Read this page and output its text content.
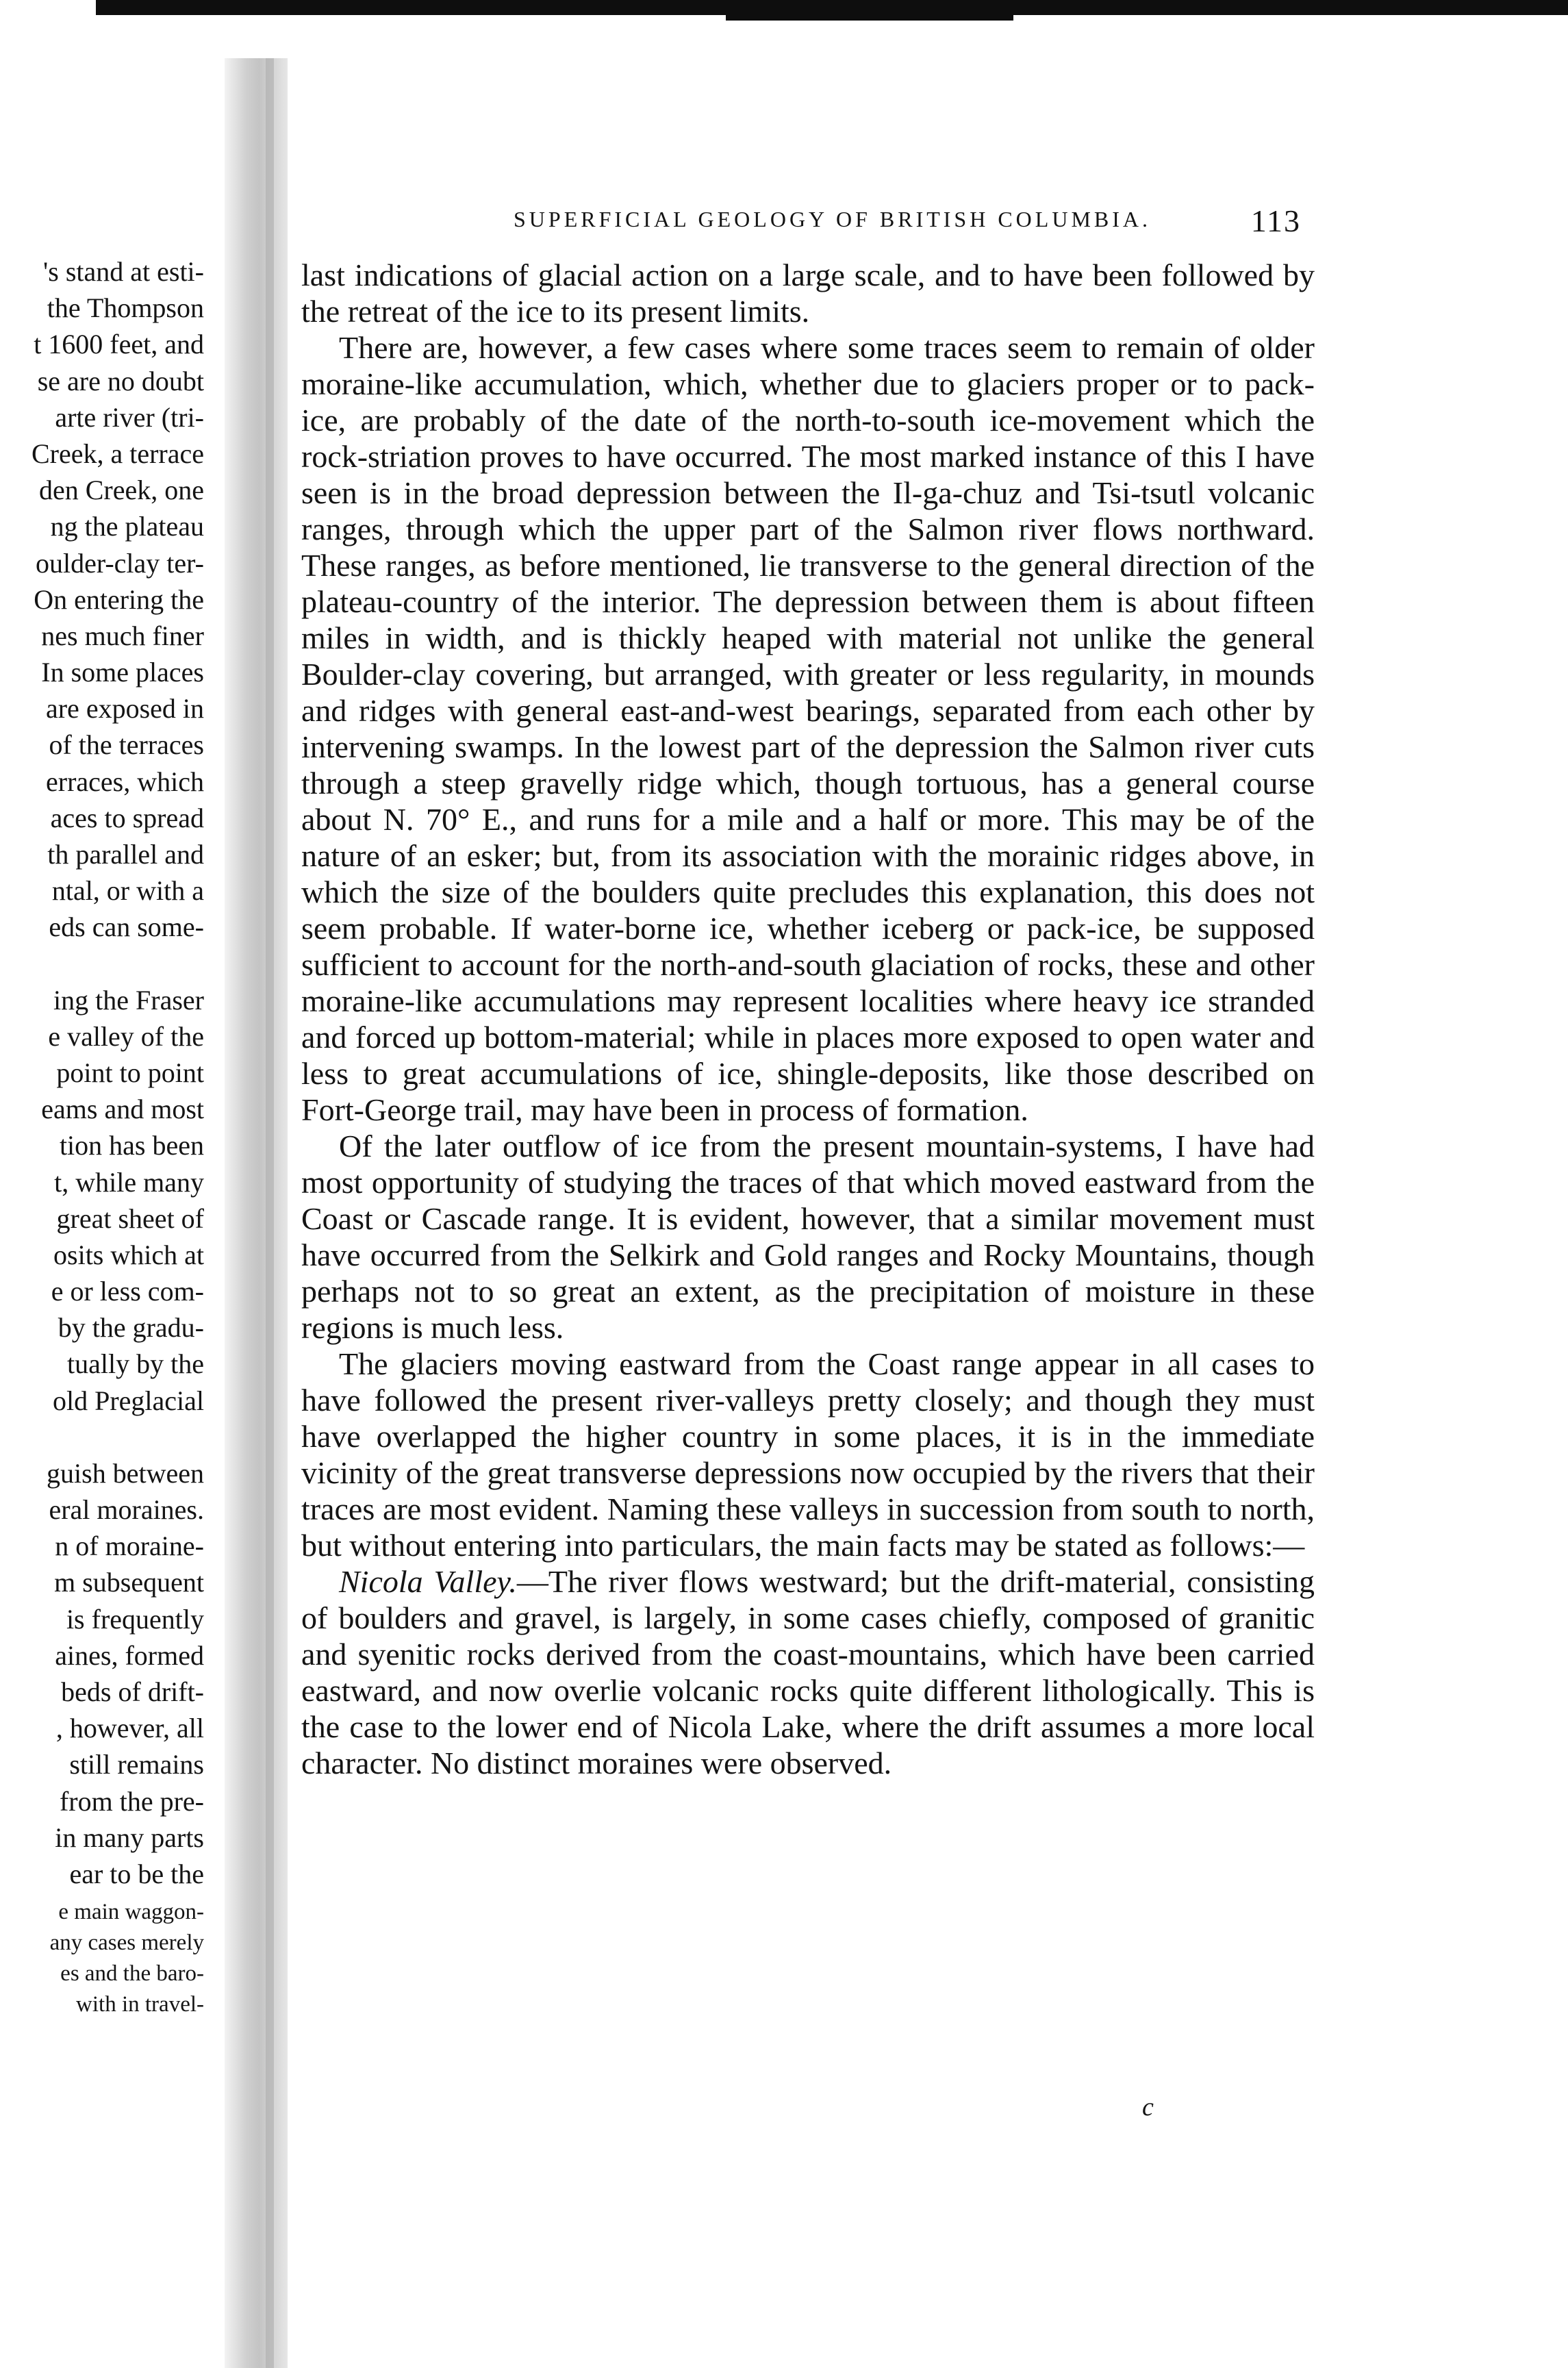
's stand at esti-
the Thompson
t 1600 feet, and
se are no doubt
arte river (tri-
Creek, a terrace
den Creek, one
ng the plateau
oulder-clay ter-
On entering the
nes much finer
In some places
are exposed in
of the terraces
erraces, which
aces to spread
th parallel and
ntal, or with a
eds can some-
ing the Fraser
e valley of the
point to point
eams and most
tion has been
t, while many
great sheet of
osits which at
e or less com-
by the gradu-
tually by the
old Preglacial
guish between
eral moraines.
n of moraine-
m subsequent
is frequently
aines, formed
beds of drift-
, however, all
still remains
from the pre-
in many parts
ear to be the
e main waggon-
any cases merely
es and the baro-
with in travel-
SUPERFICIAL GEOLOGY OF BRITISH COLUMBIA.	113

last indications of glacial action on a large scale, and to have been followed by the retreat of the ice to its present limits.

There are, however, a few cases where some traces seem to remain of older moraine-like accumulation, which, whether due to glaciers proper or to pack-ice, are probably of the date of the north-to-south ice-movement which the rock-striation proves to have occurred. The most marked instance of this I have seen is in the broad depression between the Il-ga-chuz and Tsi-tsutl volcanic ranges, through which the upper part of the Salmon river flows northward. These ranges, as before mentioned, lie transverse to the general direction of the plateau-country of the interior. The depression between them is about fifteen miles in width, and is thickly heaped with material not unlike the general Boulder-clay covering, but arranged, with greater or less regularity, in mounds and ridges with general east-and-west bearings, separated from each other by intervening swamps. In the lowest part of the depression the Salmon river cuts through a steep gravelly ridge which, though tortuous, has a general course about N. 70° E., and runs for a mile and a half or more. This may be of the nature of an esker; but, from its association with the morainic ridges above, in which the size of the boulders quite precludes this explanation, this does not seem probable. If water-borne ice, whether iceberg or pack-ice, be supposed sufficient to account for the north-and-south glaciation of rocks, these and other moraine-like accumulations may represent localities where heavy ice stranded and forced up bottom-material; while in places more exposed to open water and less to great accumulations of ice, shingle-deposits, like those described on Fort-George trail, may have been in process of formation.

Of the later outflow of ice from the present mountain-systems, I have had most opportunity of studying the traces of that which moved eastward from the Coast or Cascade range. It is evident, however, that a similar movement must have occurred from the Selkirk and Gold ranges and Rocky Mountains, though perhaps not to so great an extent, as the precipitation of moisture in these regions is much less.

The glaciers moving eastward from the Coast range appear in all cases to have followed the present river-valleys pretty closely; and though they must have overlapped the higher country in some places, it is in the immediate vicinity of the great transverse depressions now occupied by the rivers that their traces are most evident. Naming these valleys in succession from south to north, but without entering into particulars, the main facts may be stated as follows:—

Nicola Valley.—The river flows westward; but the drift-material, consisting of boulders and gravel, is largely, in some cases chiefly, composed of granitic and syenitic rocks derived from the coast-mountains, which have been carried eastward, and now overlie volcanic rocks quite different lithologically. This is the case to the lower end of Nicola Lake, where the drift assumes a more local character. No distinct moraines were observed.

c
